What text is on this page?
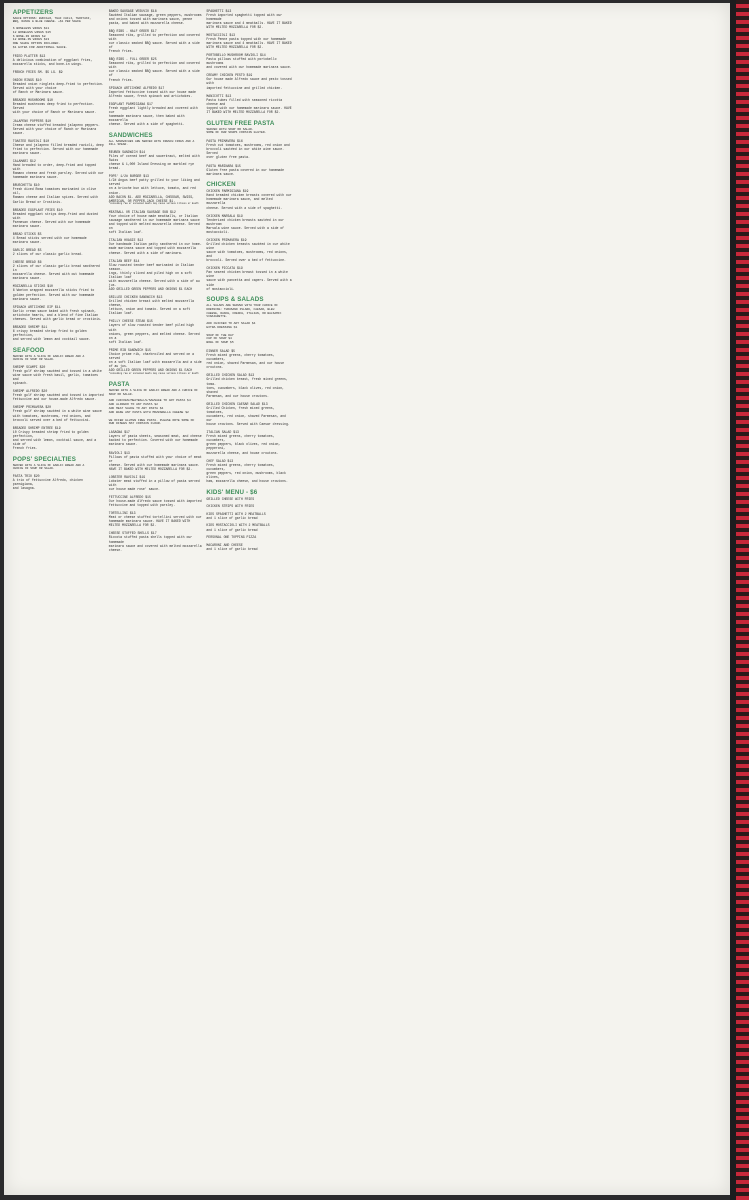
APPETIZERS
SAUCE OPTIONS: BUFFALO, THAI CHILI, TERIYAKI,
BBQ, RANCH & BLUE CHEESE. +$1 PER SAUCE
6 BONELESS WINGS $11
12 BONELESS WINGS $15
6 BONE-IN WINGS $8
12 BONE-IN WINGS $13
ONE SAUCE OPTION INCLUDED.
$1 EXTRA FOR ADDITIONAL SAUCE.
FRIED PLATTER $13
A delicious combination of eggplant fries,
mozzarella sticks, and bone-in wings.
FRENCH FRIES SM. $5 LG. $9
ONION RINGS $10
Breaded onion ringlets deep-fried to perfection.
Served with your choice
of Ranch or Marinara sauce.
BREADED MUSHROOMS $10
Breaded mushrooms deep fried to perfection. Served
with your choice of Ranch or Marinara sauce.
JALAPENO POPPERS $10
Cream cheese stuffed breaded jalapeno peppers.
Served with your choice of Ranch or Marinara
sauce.
TOASTED RAVIOLI $10
Cheese and jalapeno filled breaded ravioli, deep
fried to perfection. Served with our homemade
marinara sauce.
CALAMARI $12
Hand breaded to order, deep-fried and topped with
Romano cheese and fresh parsley. Served with our
homemade marinara sauce.
BRUSCHETTA $10
Fresh diced Roma tomatoes marinated in olive oil,
Romano cheese and Italian spices. Served with
Garlic Bread or Crostinis.
BREADED EGGPLANT FRIES $10
Breaded eggplant strips deep-fried and dusted with
Parmesan cheese. Served with our homemade
marinara sauce.
BREAD STICKS $5
4 Bread sticks served with our homemade
marinara sauce.
GARLIC BREAD $5
2 slices of our classic garlic bread.
CHEESE BREAD $6
2 slices of our classic garlic bread smothered in
mozzarella cheese. Served with out homemade
marinara sauce.
MOZZARELLA STICKS $10
6 Wonton wrapped mozzarella sticks fried to
golden perfection. Served with our homemade
marinara sauce.
SPINACH ARTICHOKE DIP $11
Garlic cream sauce baked with fresh spinach,
artichoke hearts, and a blend of fine Italian
cheeses. Served with garlic bread or crostinis.
BREADED SHRIMP $11
6 crispy breaded shrimp fried to golden perfection,
and served with lemon and cocktail sauce.
SEAFOOD
SERVED WITH A SLICE OF GARLIC BREAD AND A
CHOICE OF SOUP OR SALAD.
SHRIMP SCAMPI $20
Fresh gulf shrimp sautéed and tossed in a white
wine sauce with fresh basil, garlic, tomatoes and
spinach.
SHRIMP ALFREDO $20
Fresh gulf shrimp sautéed and tossed in imported
fettuccine and our house-made Alfredo sauce.
SHRIMP PRIMAVERA $20
Fresh gulf shrimp sautéed in a white wine sauce
with tomatoes, mushrooms, red onions, and
broccoli served over a bed of fettuccini.
BREADED SHRIMP ENTRÉE $19
10 Crispy breaded shrimp fried to golden perfection,
and served with lemon, cocktail sauce, and a side of
French fries.
POPS' SPECIALTIES
SERVED WITH A SLICE OF GARLIC BREAD AND A
CHOICE OF SOUP OR SALAD.
PASTA TRIO $20
A trio of fettuccine Alfredo, chicken parmigiana,
and lasagna.
BAKED SAUSAGE VESUVIO $18
Sautéed Italian sausage, green peppers, mushrooms
and onions tossed with marinara sauce, penne
pasta, and baked with mozzarella cheese.
BBQ RIBS - HALF ORDER $17
Seasoned ribs, grilled to perfection and covered with
our classic smoked BBQ sauce. Served with a side of
French fries.
BBQ RIBS - FULL ORDER $25
Seasoned ribs, grilled to perfection and covered with
our classic smoked BBQ sauce. Served with a side of
French fries.
SPINACH ARTICHOKE ALFREDO $17
Imported fettuccine tossed with our house made
Alfredo sauce, fresh spinach and artichokes.
EGGPLANT PARMIGIANA $17
Fresh eggplant lightly breaded and covered with our
homemade marinara sauce, then baked with mozzarella
cheese. Served with a side of spaghetti.
SANDWICHES
ALL SANDWICHES ARE SERVED WITH FRENCH FRIES AND A
DILL SPEAR.
REUBEN SANDWICH $14
Piles of corned beef and sauerkraut, melted with Swiss
cheese & 1,000 Island Dressing on marbled rye bread.
POPS' 1/2# BURGER $13
1/2# Angus beef patty grilled to your liking and served
on a brioche bun with lettuce, tomato, and red onion.
ADD BACON $1. ADD MOZZARELLA, CHEDDAR, SWISS,
AMERICAN, OR PEPPER-JACK CHEESE $1.
*consuming raw or uncooked meats may cause serious illness or death
MEATBALL OR ITALIAN SAUSAGE SUB $12
Your choice of house made meatballs, or Italian
sausage smothered in our homemade marinara sauce
and topped with melted mozzarella cheese. Served on
soft Italian loaf.
ITALIAN HOAGIE $12
Our handmade Italian patty smothered in our home-
made marinara sauce and topped with mozzarella
cheese. Served with a side of marinara.
ITALIAN BEEF $14
Slow roasted tender beef marinated in Italian season-
ings, thinly sliced and piled high on a soft Italian loaf
with mozzarella cheese. Served with a side of au jus.
ADD GRILLED GREEN PEPPERS AND ONIONS $1 EACH
GRILLED CHICKEN SANDWICH $13
Grilled chicken breast with melted mozzarella cheese,
lettuce, onion and tomato. Served on a soft Italian loaf.
PHILLY CHEESE STEAK $15
Layers of slow roasted tender beef piled high with
onions, green peppers, and melted cheese. Served on a
soft Italian loaf.
PRIME RIB SANDWICH $15
Choice prime rib, charbroiled and served on a served
on a soft Italian loaf with mozzarella and a side of au jus.
ADD GRILLED GREEN PEPPERS AND ONIONS $1 EACH
*consuming raw or uncooked meats may cause serious illness or death
PASTA
SERVED WITH A SLICE OF GARLIC BREAD AND A CHOICE OF
SOUP OR SALAD.
ADD CHICKEN/MEATBALLS/SAUSAGE TO ANY PASTA $4
ADD ALFREDO TO ANY PASTA $2
ADD MEAT SAUCE TO ANY PASTA $4
ADD BAKE ANY PASTA WITH MOZZARELLA CHEESE $2
WE OFFER GLUTEN FREE PASTA. PLEASE NOTE SOME OF
OUR DISHES MAY CONTAIN FLOUR.
LASAGNA $17
Layers of pasta sheets, seasoned meat, and cheese
backed to perfection. Covered with our homemade
marinara sauce.
RAVIOLI $13
Pillows of pasta stuffed with your choice of meat or
cheese. Served with our homemade marinara sauce.
HAVE IT BAKED WITH MELTED MOZZARELLA FOR $2.
LOBSTER RAVIOLI $19
Lobster meat stuffed in a pillow of pasta served with
our house made rose' sauce.
FETTUCCINE ALFREDO $15
Our house-made Alfredo sauce tossed with imported
fettuccine and topped with parsley.
TORTELLINI $13
Meat or cheese stuffed tortellini served with our
homemade marinara sauce. HAVE IT BAKED WITH
MELTED MOZZARELLA FOR $2.
CHEESE STUFFED SHELLS $17
Riccota stuffed pasta shells topped with our homemade
marinara sauce and covered with melted mozzarella cheese.
SPAGHETTI $13
Fresh imported spaghetti topped with our homemade
marinara sauce and 4 meatballs. HAVE IT BAKED
WITH MELTED MOZZARELLA FOR $2.
MOSTACCIOLI $13
Fresh Penne pasta topped with our homemade
marinara sauce and 4 meatballs. HAVE IT BAKED
WITH MELTED MOZZARELLA FOR $2.
PORTOBELLO MUSHROOM RAVIOLI $14
Pasta pillows stuffed with portobello mushrooms
and covered with our homemade marinara sauce.
CREAMY CHICKEN PESTO $19
Our house made Alfredo sauce and pesto tossed with
imported fettuccine and grilled chicken.
MANICOTTI $13
Pasta tubes filled with seasoned ricotta cheese and
topped with our homemade marinara sauce. HAVE
IT BAKED WITH MELTED MOZZARELLA FOR $2.
GLUTEN FREE PASTA
SERVED WITH SOUP OR SALAD.
SOME OF OUR SOUPS CONTAIN GLUTEN.
PASTA PRIMAVERA $16
Fresh cut tomatoes, mushrooms, red onion and
broccoli sautéed in our white wine sauce. Served
over gluten free pasta.
PASTA MARINARA $15
Gluten free pasta covered in our homemade
marinara sauce.
CHICKEN
CHICKEN PARMIGIANA $19
Hand breaded chicken breasts covered with our
homemade marinara sauce, and melted mozzarella
cheese. Served with a side of spaghetti.
CHICKEN MARSALA $19
Tenderized chicken breasts sautéed in our mushroom
Marsala wine sauce. Served with a side of mostaccioli.
CHICKEN PRIMAVERA $19
Grilled chicken breasts sautéed in our white wine
sauce with tomatoes, mushrooms, red onions, and
broccoli. Served over a bed of fettuccine.
CHICKEN PICCATA $19
Pan seared chicken breast tossed in a white wine
sauce with pancetta and capers. Served with a side
of mostaccioli.
SOUPS & SALADS
ALL SALADS ARE SERVED WITH YOUR CHOICE OF
DRESSING: THOUSAND ISLAND, CAESAR, BLEU
CHEESE, RANCH, FRENCH, ITALIAN, OR BALSAMIC
VINAIGRETTE.
ADD CHICKEN TO ANY SALAD $4
EXTRA DRESSING $1
SOUP OF THE DAY
CUP OF SOUP $4
BOWL OF SOUP $5
DINNER SALAD $5
Fresh mixed greens, cherry tomatoes, cucumbers,
red onion, shaved Parmesan, and our house
croutons.
GRILLED CHICKEN SALAD $13
Grilled chicken breast, fresh mixed greens, toma-
toes, cucumbers, black olives, red onion, shaved
Parmesan, and our house croutons.
GRILLED CHICKEN CAESAR SALAD $13
Grilled Chicken, fresh mixed greens, tomatoes,
cucumbers, red onion, shaved Parmesan, and our
house croutons. Served with Caesar dressing.
ITALIAN SALAD $13
Fresh mixed greens, cherry tomatoes, cucumbers,
green peppers, black olives, red onion, pepperoni,
mozzarella cheese, and house croutons.
CHEF SALAD $13
Fresh mixed greens, cherry tomatoes, cucumbers,
green peppers, red onion, mushrooms, black olives,
ham, mozzarella cheese, and house croutons.
KIDS' MENU - $6
GRILLED CHEESE WITH FRIES
CHICKEN STRIPS WITH FRIES
KIDS SPAGHETTI WITH 2 MEATBALLS
and 1 slice of garlic bread
KIDS MOSTACCIOLI WITH 2 MEATBALLS
and 1 slice of garlic bread
PERSONAL ONE TOPPING PIZZA
MACARONI AND CHEESE
and 1 slice of garlic bread
